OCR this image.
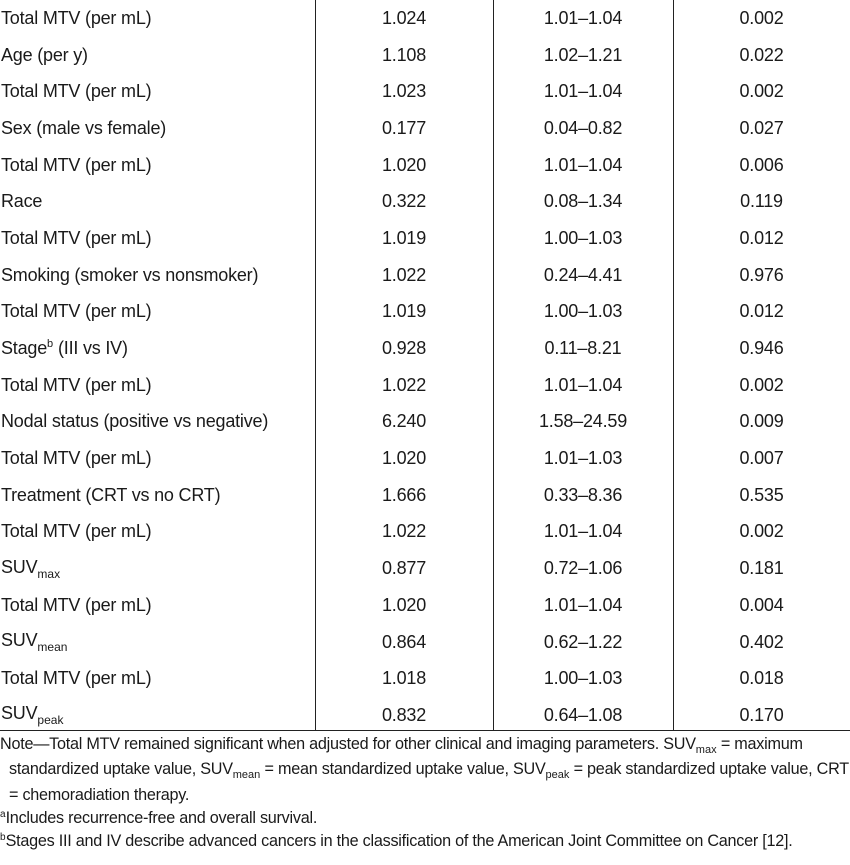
Total MTV (per mL)	1.024	1.01–1.04	0.002
Age (per y)	1.108	1.02–1.21	0.022
Total MTV (per mL)	1.023	1.01–1.04	0.002
Sex (male vs female)	0.177	0.04–0.82	0.027
Total MTV (per mL)	1.020	1.01–1.04	0.006
Race	0.322	0.08–1.34	0.119
Total MTV (per mL)	1.019	1.00–1.03	0.012
Smoking (smoker vs nonsmoker)	1.022	0.24–4.41	0.976
Total MTV (per mL)	1.019	1.00–1.03	0.012
Stage$^b$ (III vs IV)	0.928	0.11–8.21	0.946
Total MTV (per mL)	1.022	1.01–1.04	0.002
Nodal status (positive vs negative)	6.240	1.58–24.59	0.009
Total MTV (per mL)	1.020	1.01–1.03	0.007
Treatment (CRT vs no CRT)	1.666	0.33–8.36	0.535
Total MTV (per mL)	1.022	1.01–1.04	0.002
$SUV_{max}$	0.877	0.72–1.06	0.181
Total MTV (per mL)	1.020	1.01–1.04	0.004
$SUV_{mean}$	0.864	0.62–1.22	0.402
Total MTV (per mL)	1.018	1.00–1.03	0.018
$SUV_{peak}$	0.832	0.64–1.08	0.170

Note—Total MTV remained significant when adjusted for other clinical and imaging parameters. $SUV_{max}$ = maximum standardized uptake value, $SUV_{mean}$ = mean standardized uptake value, $SUV_{peak}$ = peak standardized uptake value, CRT = chemoradiation therapy.

$^a$Includes recurrence-free and overall survival.

$^b$Stages III and IV describe advanced cancers in the classification of the American Joint Committee on Cancer [12].
